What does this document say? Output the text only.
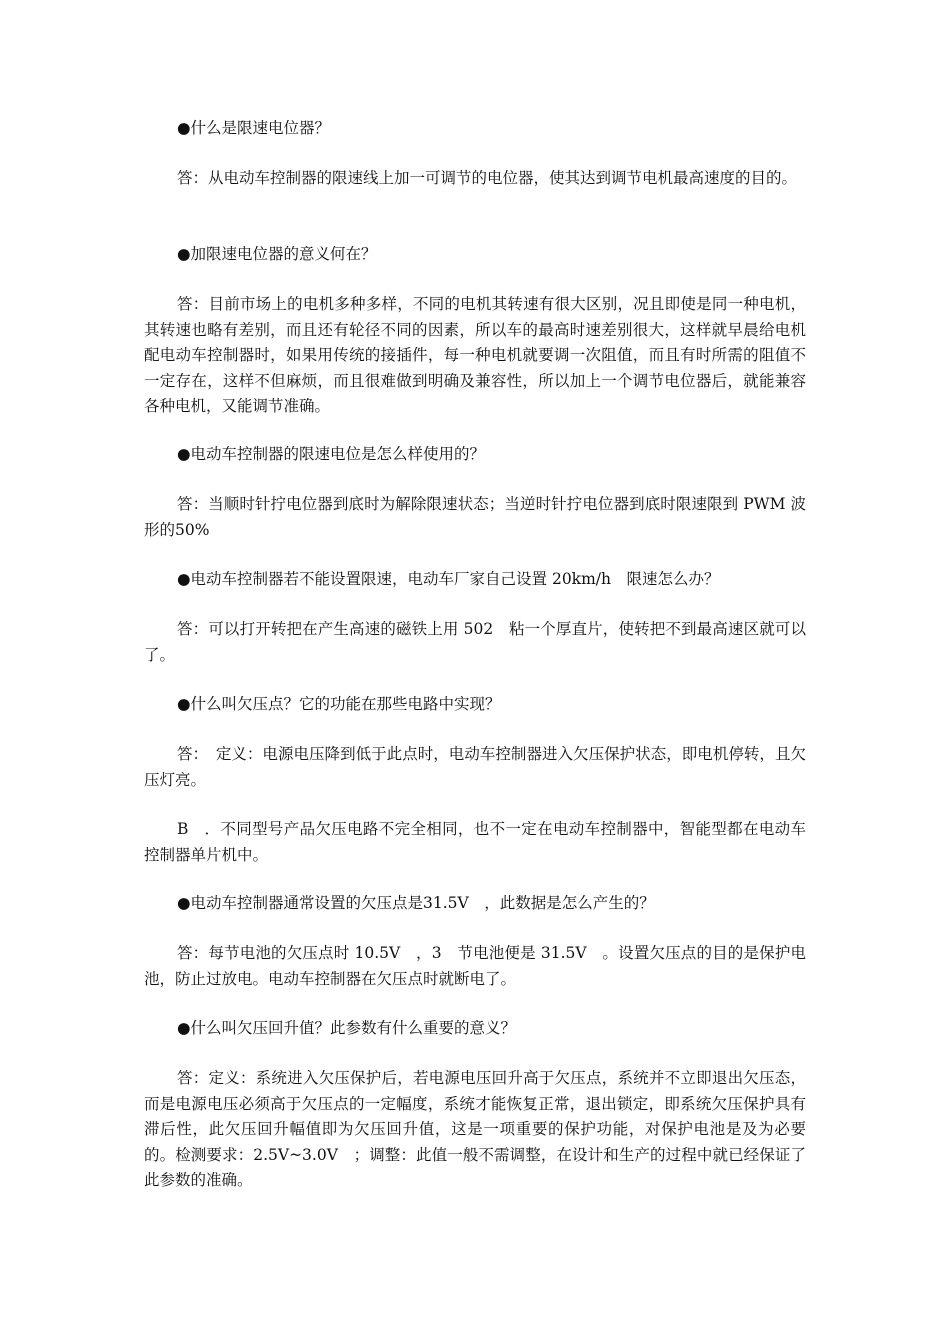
●什么是限速电位器？

答：从电动车控制器的限速线上加一可调节的电位器，使其达到调节电机最高速度的目的。

●加限速电位器的意义何在？

答：目前市场上的电机多种多样，不同的电机其转速有很大区别，况且即使是同一种电机，其转速也略有差别，而且还有轮径不同的因素，所以车的最高时速差别很大，这样就早晨给电机配电动车控制器时，如果用传统的接插件，每一种电机就要调一次阻值，而且有时所需的阻值不一定存在，这样不但麻烦，而且很难做到明确及兼容性，所以加上一个调节电位器后，就能兼容各种电机，又能调节准确。

●电动车控制器的限速电位是怎么样使用的？

答：当顺时针拧电位器到底时为解除限速状态；当逆时针拧电位器到底时限速限到 PWM 波形的50%

●电动车控制器若不能设置限速，电动车厂家自己设置 20km/h　限速怎么办？

答：可以打开转把在产生高速的磁铁上用 502　粘一个厚直片，使转把不到最高速区就可以了。

●什么叫欠压点？它的功能在那些电路中实现？

答：　定义：电源电压降到低于此点时，电动车控制器进入欠压保护状态，即电机停转，且欠压灯亮。

B　．不同型号产品欠压电路不完全相同，也不一定在电动车控制器中，智能型都在电动车控制器单片机中。

●电动车控制器通常设置的欠压点是31.5V　，此数据是怎么产生的？

答：每节电池的欠压点时 10.5V　，3　节电池便是 31.5V　。设置欠压点的目的是保护电池，防止过放电。电动车控制器在欠压点时就断电了。

●什么叫欠压回升值？此参数有什么重要的意义？

答：定义：系统进入欠压保护后，若电源电压回升高于欠压点，系统并不立即退出欠压态，而是电源电压必须高于欠压点的一定幅度，系统才能恢复正常，退出锁定，即系统欠压保护具有滞后性，此欠压回升幅值即为欠压回升值，这是一项重要的保护功能，对保护电池是及为必要的。检测要求：2.5V~3.0V　；调整：此值一般不需调整，在设计和生产的过程中就已经保证了此参数的准确。
